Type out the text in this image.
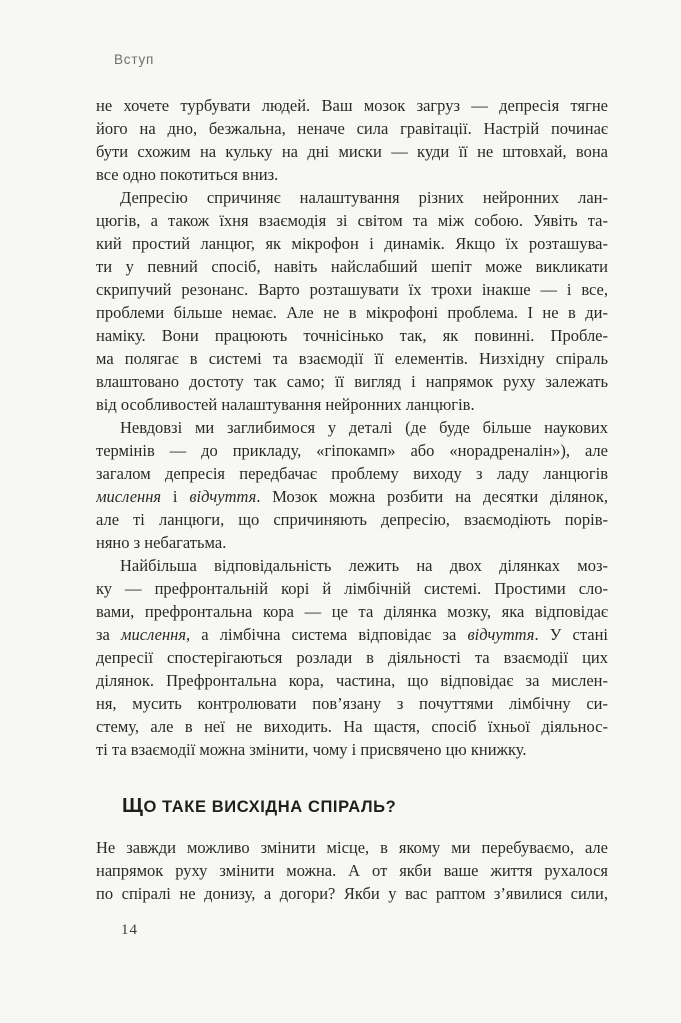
Вступ
не хочете турбувати людей. Ваш мозок загруз — депресія тягне
його на дно, безжальна, неначе сила гравітації. Настрій починає
бути схожим на кульку на дні миски — куди її не штовхай, вона
все одно покотиться вниз.
Депресію спричиняє налаштування різних нейронних лан-
цюгів, а також їхня взаємодія зі світом та між собою. Уявіть та-
кий простий ланцюг, як мікрофон і динамік. Якщо їх розташува-
ти у певний спосіб, навіть найслабший шепіт може викликати
скрипучий резонанс. Варто розташувати їх трохи інакше — і все,
проблеми більше немає. Але не в мікрофоні проблема. І не в ди-
наміку. Вони працюють точнісінько так, як повинні. Пробле-
ма полягає в системі та взаємодії її елементів. Низхідну спіраль
влаштовано достоту так само; її вигляд і напрямок руху залежать
від особливостей налаштування нейронних ланцюгів.
Невдовзі ми заглибимося у деталі (де буде більше наукових
термінів — до прикладу, «гіпокамп» або «норадреналін»), але
загалом депресія передбачає проблему виходу з ладу ланцюгів
мислення і відчуття. Мозок можна розбити на десятки ділянок,
але ті ланцюги, що спричиняють депресію, взаємодіють порів-
няно з небагатьма.
Найбільша відповідальність лежить на двох ділянках моз-
ку — префронтальній корі й лімбічній системі. Простими сло-
вами, префронтальна кора — це та ділянка мозку, яка відповідає
за мислення, а лімбічна система відповідає за відчуття. У стані
депресії спостерігаються розлади в діяльності та взаємодії цих
ділянок. Префронтальна кора, частина, що відповідає за мислен-
ня, мусить контролювати пов’язану з почуттями лімбічну си-
стему, але в неї не виходить. На щастя, спосіб їхньої діяльнос-
ті та взаємодії можна змінити, чому і присвячено цю книжку.
ЩО ТАКЕ ВИСХІДНА СПІРАЛЬ?
Не завжди можливо змінити місце, в якому ми перебуваємо, але
напрямок руху змінити можна. А от якби ваше життя рухалося
по спіралі не донизу, а догори? Якби у вас раптом з’явилися сили,
14
